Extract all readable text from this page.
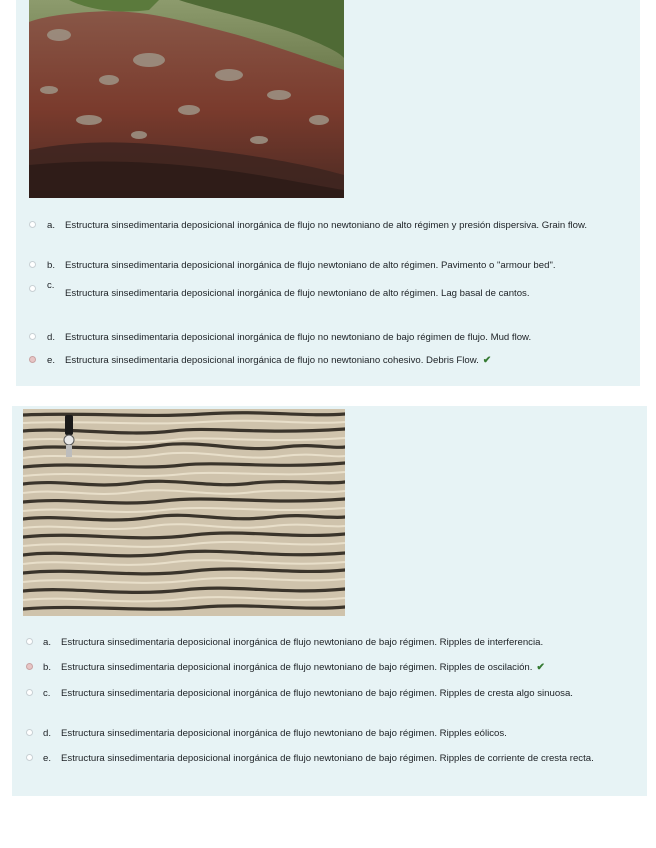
a.	Estructura sinsedimentaria deposicional inorgánica de flujo no newtoniano de alto régimen y presión dispersiva. Grain flow.
b.	Estructura sinsedimentaria deposicional inorgánica de flujo newtoniano de alto régimen. Pavimento o "armour bed".
c.
Estructura sinsedimentaria deposicional inorgánica de flujo newtoniano de alto régimen. Lag basal de cantos.
d.	Estructura sinsedimentaria deposicional inorgánica de flujo no newtoniano de bajo régimen de flujo. Mud flow.
e.	Estructura sinsedimentaria deposicional inorgánica de flujo no newtoniano cohesivo. Debris Flow. ✔
a.	Estructura sinsedimentaria deposicional inorgánica de flujo newtoniano de bajo régimen. Ripples de interferencia.
b.	Estructura sinsedimentaria deposicional inorgánica de flujo newtoniano de bajo régimen. Ripples de oscilación. ✔
c.	Estructura sinsedimentaria deposicional inorgánica de flujo newtoniano de bajo régimen. Ripples de cresta algo sinuosa.
d.	Estructura sinsedimentaria deposicional inorgánica de flujo newtoniano de bajo régimen. Ripples eólicos.
e.	Estructura sinsedimentaria deposicional inorgánica de flujo newtoniano de bajo régimen. Ripples de corriente de cresta recta.
